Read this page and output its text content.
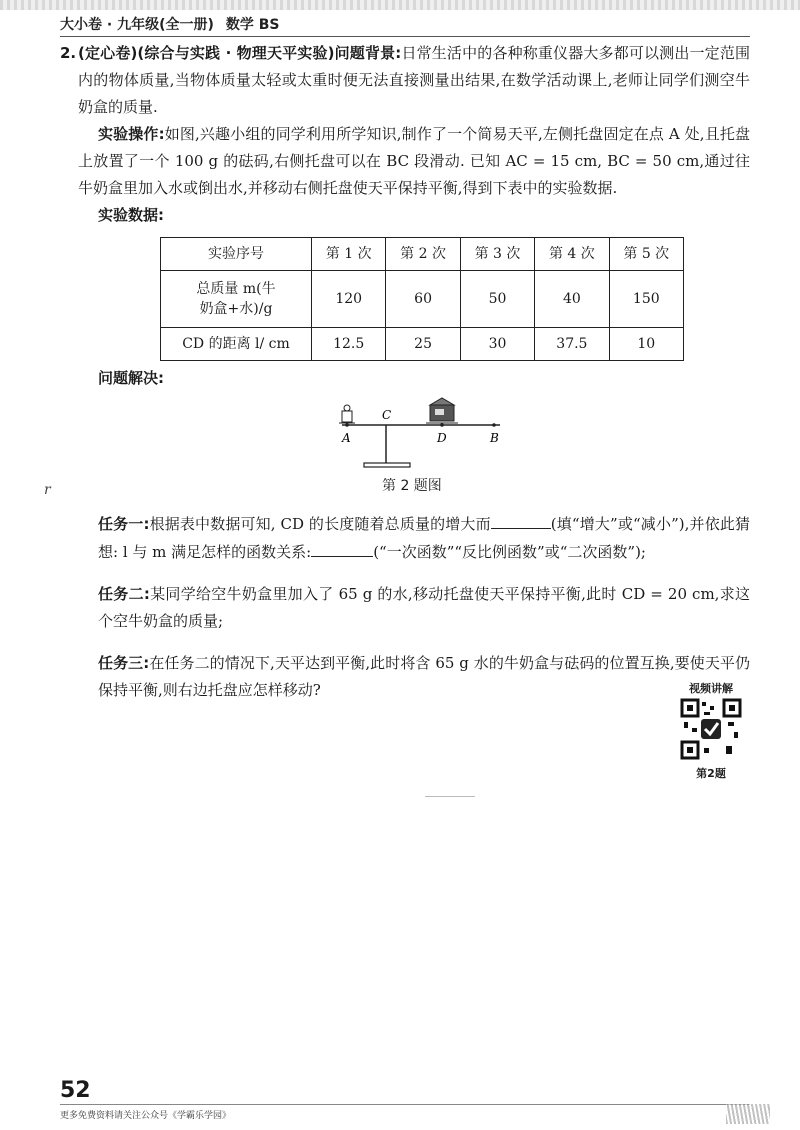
大小卷 · 九年级(全一册) 数学 BS

2. (定心卷)(综合与实践 · 物理天平实验)问题背景:日常生活中的各种称重仪器大多都可以测出一定范围内的物体质量,当物体质量太轻或太重时便无法直接测量出结果,在数学活动课上,老师让同学们测空牛奶盒的质量.

实验操作:如图,兴趣小组的同学利用所学知识,制作了一个简易天平,左侧托盘固定在点 A 处,且托盘上放置了一个 100 g 的砝码,右侧托盘可以在 BC 段滑动. 已知 AC = 15 cm, BC = 50 cm,通过往牛奶盒里加入水或倒出水,并移动右侧托盘使天平保持平衡,得到下表中的实验数据.

实验数据:

实验序号	第 1 次	第 2 次	第 3 次	第 4 次	第 5 次
总质量 m(牛
奶盒+水)/g	120	60	50	40	150
CD 的距离 l/ cm	12.5	25	30	37.5	10

问题解决:

A
C
D	B
第 2 题图
r

任务一:根据表中数据可知, CD 的长度随着总质量的增大而	(填“增大”或“减小”),并依此猜想: l 与 m 满足怎样的函数关系:	(“一次函数”“反比例函数”或“二次函数”);

任务二:某同学给空牛奶盒里加入了 65 g 的水,移动托盘使天平保持平衡,此时 CD = 20 cm,求这个空牛奶盒的质量;

任务三:在任务二的情况下,天平达到平衡,此时将含 65 g 水的牛奶盒与砝码的位置互换,要使天平仍保持平衡,则右边托盘应怎样移动?	视频讲解
第2题
52
更多免费资料请关注公众号《学霸乐学园》
